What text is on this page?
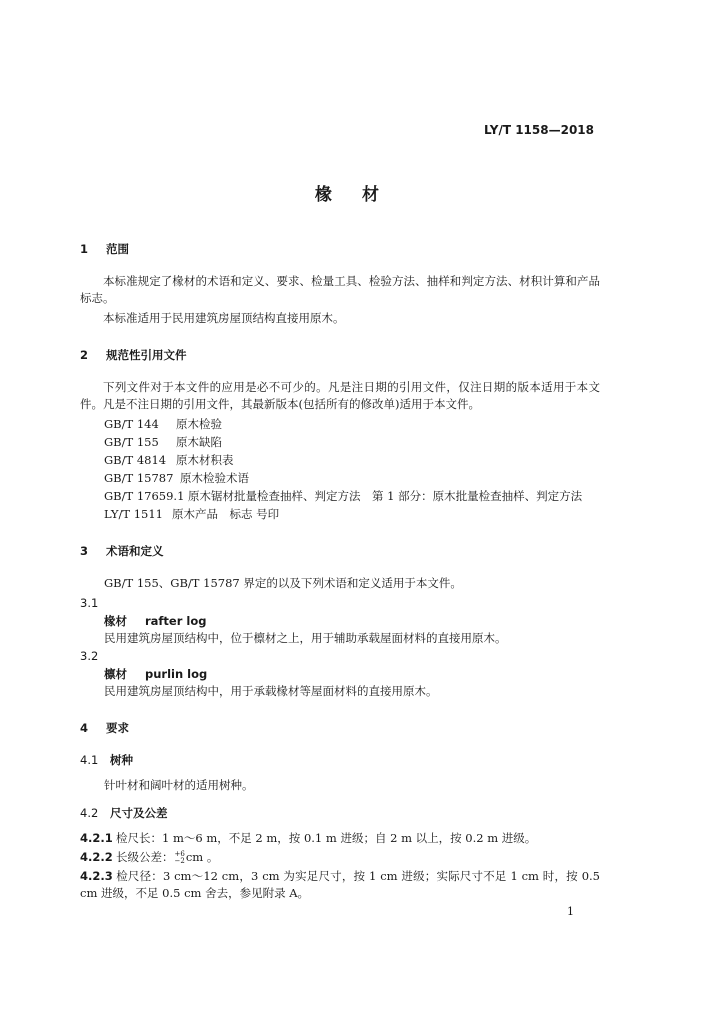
LY/T 1158—2018
椽材
1 范围
本标准规定了椽材的术语和定义、要求、检量工具、检验方法、抽样和判定方法、材积计算和产品标志。
本标准适用于民用建筑房屋顶结构直接用原木。
2 规范性引用文件
下列文件对于本文件的应用是必不可少的。凡是注日期的引用文件，仅注日期的版本适用于本文件。凡是不注日期的引用文件，其最新版本(包括所有的修改单)适用于本文件。
GB/T 144 原木检验
GB/T 155 原木缺陷
GB/T 4814 原木材积表
GB/T 15787 原木检验术语
GB/T 17659.1 原木锯材批量检查抽样、判定方法　第 1 部分：原木批量检查抽样、判定方法
LY/T 1511 原木产品　标志 号印
3 术语和定义
GB/T 155、GB/T 15787 界定的以及下列术语和定义适用于本文件。
3.1
椽材 rafter log
民用建筑房屋顶结构中，位于檩材之上，用于辅助承载屋面材料的直接用原木。
3.2
檩材 purlin log
民用建筑房屋顶结构中，用于承载椽材等屋面材料的直接用原木。
4 要求
4.1 树种
针叶材和阔叶材的适用树种。
4.2 尺寸及公差
4.2.1 检尺长：1 m～6 m，不足 2 m，按 0.1 m 进级；自 2 m 以上，按 0.2 m 进级。
4.2.2 长级公差： +6
−2 cm 。
4.2.3 检尺径：3 cm～12 cm，3 cm 为实足尺寸，按 1 cm 进级；实际尺寸不足 1 cm 时，按 0.5 cm 进级，不足 0.5 cm 舍去，参见附录 A。
1
